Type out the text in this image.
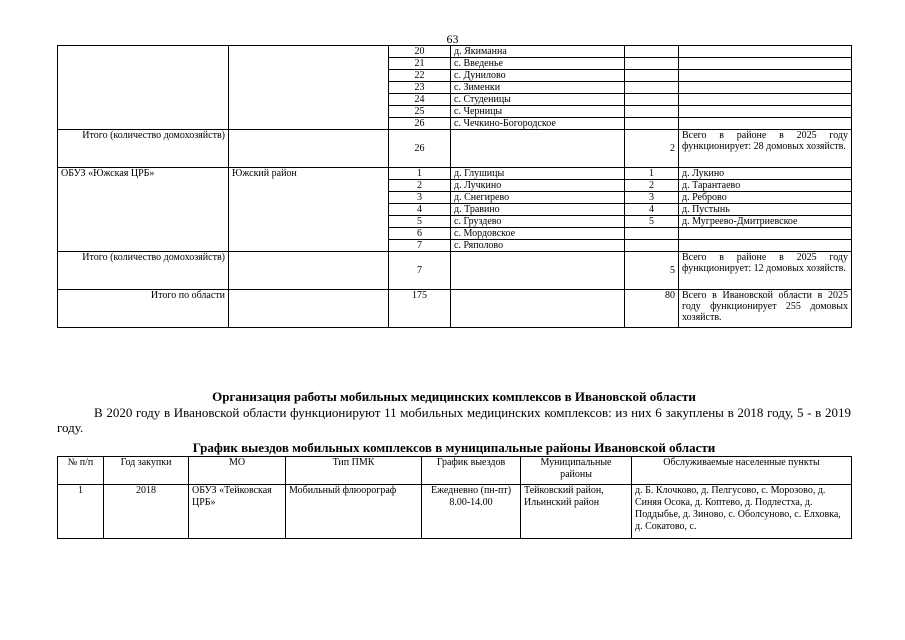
63
		20	д. Якиманна		
		21	с. Введенье		
		22	с. Дуниловo		
		23	с. Зименки		
		24	с. Студеницы		
		25	с. Черницы		
		26	с. Чечкино-Богородское		
Итого (количество домохозяйств)		26		2	Всего в районе в 2025 году функционирует: 28 домовых хозяйств.
ОБУЗ «Южская ЦРБ»	Южский район	1	д. Глушицы	1	д. Лукино
		2	д. Лучкино	2	д. Тарантаево
		3	д. Снегирево	3	д. Реброво
		4	д. Травино	4	д. Пустынь
		5	с. Груздево	5	д. Мугреево-Дмитриевское
		6	с. Мордовское		
		7	с. Ряполово		
Итого (количество домохозяйств)		7		5	Всего в районе в 2025 году функционирует: 12 домовых хозяйств.
Итого по области		175		80	Всего в Ивановской области в 2025 году функционирует 255 домовых хозяйств.
Организация работы мобильных медицинских комплексов в Ивановской области
В 2020 году в Ивановской области функционируют 11 мобильных медицинских комплексов: из них 6 закуплены в 2018 году, 5 - в 2019 году.
График выездов мобильных комплексов в муниципальные районы Ивановской области
№ п/п	Год закупки	МО	Тип ПМК	График выездов	Муниципальные районы	Обслуживаемые населенные пункты
1	2018	ОБУЗ «Тейковская ЦРБ»	Мобильный флюорограф	Ежедневно (пн-пт) 8.00-14.00	Тейковский район, Ильинский район	д. Б. Клочково, д. Пелгусово, с. Морозово, д. Синяя Осока, д. Коптево, д. Подлестха, д. Поддыбье, д. Зиново, с. Оболсуново, с. Елховка, д. Сокатово, с.
